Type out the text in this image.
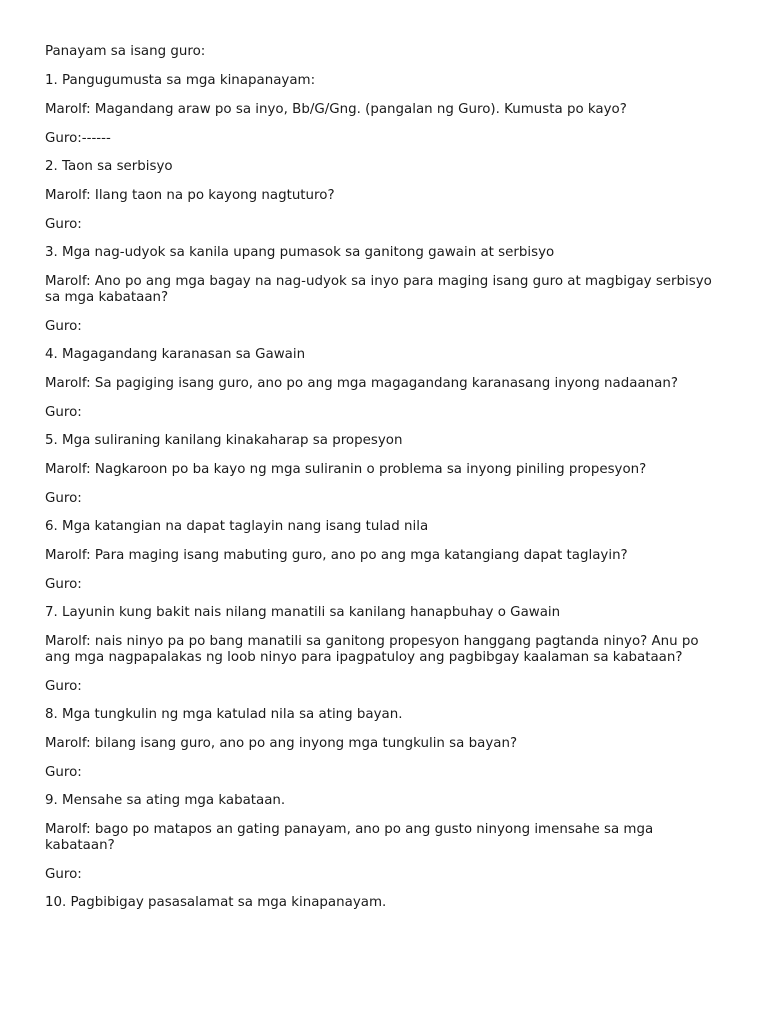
Panayam sa isang guro:

1. Pangugumusta sa mga kinapanayam:

Marolf: Magandang araw po sa inyo, Bb/G/Gng. (pangalan ng Guro). Kumusta po kayo?

Guro:------

2. Taon sa serbisyo

Marolf: Ilang taon na po kayong nagtuturo?

Guro:

3. Mga nag-udyok sa kanila upang pumasok sa ganitong gawain at serbisyo

Marolf: Ano po ang mga bagay na nag-udyok sa inyo para maging isang guro at magbigay serbisyo sa mga kabataan?

Guro:

4. Magagandang karanasan sa Gawain

Marolf: Sa pagiging isang guro, ano po ang mga magagandang karanasang inyong nadaanan?

Guro:

5. Mga suliraning kanilang kinakaharap sa propesyon

Marolf: Nagkaroon po ba kayo ng mga suliranin o problema sa inyong piniling propesyon?

Guro:

6. Mga katangian na dapat taglayin nang isang tulad nila

Marolf: Para maging isang mabuting guro, ano po ang mga katangiang dapat taglayin?

Guro:

7. Layunin kung bakit nais nilang manatili sa kanilang hanapbuhay o Gawain

Marolf: nais ninyo pa po bang manatili sa ganitong propesyon hanggang pagtanda ninyo? Anu po ang mga nagpapalakas ng loob ninyo para ipagpatuloy ang pagbibgay kaalaman sa kabataan?

Guro:

8. Mga tungkulin ng mga katulad nila sa ating bayan.

Marolf: bilang isang guro, ano po ang inyong mga tungkulin sa bayan?

Guro:

9. Mensahe sa ating mga kabataan.

Marolf: bago po matapos an gating panayam, ano po ang gusto ninyong imensahe sa mga kabataan?

Guro:

10. Pagbibigay pasasalamat sa mga kinapanayam.
